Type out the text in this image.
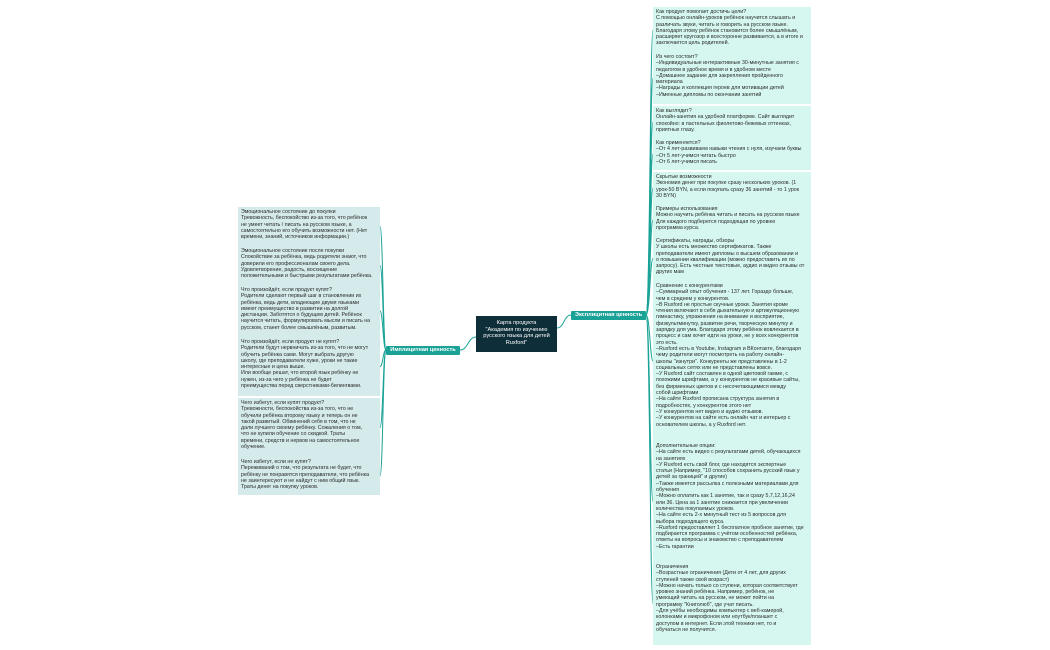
Карта продукта
"Академия по изучению
русского языка для детей
Ruxford"
Имплицитная ценность
Эксплицитная ценность
Эмоциональное состояние до покупки
Тревожность, беспокойство из-за того, что ребёнок
не умеет читать / писать на русском языке, а
самостоятельно его обучить возможности нет. (Нет
времени, знаний, источников информации.)
Эмоциональное состояние после покупки
Спокойствие за ребёнка, ведь родители знают, что
доверили его профессионалам своего дела.
Удовлетворение, радость, восхищение
положительными и быстрыми результатами ребёнка.
Что произойдёт, если продукт купят?
Родители сделают первый шаг в становлении их
ребёнка, ведь дети, владеющие двумя языками
имеют преимущество в развитии на долгой
дистанции. Заботятся о будущем детей. Ребёнок
научится читать, формулировать мысли и писать на
русском, станет более смышлёным, развитым.
Что произойдёт, если продукт не купят?
Родители будут нервничать из-за того, что не могут
обучить ребёнка сами. Могут выбрать другую
школу, где преподаватели хуже, уроки не такие
интересные и цена выше.
Или вообще решат, что второй язык ребёнку не
нужен, из-за чего у ребёнка не будет
преимущества перед сверстниками-билингвами.
Чего избегут, если купят продукт?
Тревожности, беспокойства из-за того, что не
обучили ребёнка второму языку и теперь он не
такой развитый. Обвинений себя в том, что не
дали лучшего своему ребёнку. Сожаления о том,
что не купили обучение со скидкой. Траты
времени, средств и нервов на самостоятельное
обучение.
Чего избегут, если не купят?
Переживаний о том, что результата не будет, что
ребёнку не понравятся преподаватели, что ребёнка
не заинтересуют и не найдут с ним общий язык.
Траты денег на покупку уроков.
Как продукт помогает достичь цели?
С помощью онлайн-уроков ребёнок научится слышать и
различать звуки, читать и говорить на русском языке.
Благодаря этому ребёнок становится более смышлёным,
расширяет кругозор и всесторонне развивается, а в итоге и
заключается цель родителей.
Из чего состоит?
–Индивидуальные интерактивные 30-минутные занятия с
педагогом в удобное время и в удобном месте
–Домашнее задание для закрепления пройденного
материала
–Награды и коллекция героев для мотивации детей
–Именные дипломы по окончании занятий
Как выглядит?
Онлайн-занятия на удобной платформе. Сайт выглядит
спокойно: в пастельных фиолетово-бежевых оттенках,
приятных глазу.
Как применяется?
–От 4 лет-развиваем навыки чтения с нуля, изучаем буквы
–От 5 лет-учимся читать быстро
–От 6 лет-учимся писать
Скрытые возможности
Экономия денег при покупке сразу нескольких уроков. (1
урок-50 BYN, а если покупать сразу 36 занятий - то 1 урок
30 BYN)
Примеры использования
Можно научить ребёнка читать и писать на русском языке
Для каждого подберется подходящая по уровню
программа курса.
Сертификаты, награды, обзоры
У школы есть множество сертификатов. Также
преподаватели имеют дипломы о высшем образовании и
о повышении квалификации (можно предоставить их по
запросу). Есть честные текстовые, аудио и видео отзывы от
других мам
Сравнение с конкурентами
–Суммарный опыт обучения - 137 лет. Гораздо больше,
чем в среднем у конкурентов.
–В Ruxford не простые скучные уроки. Занятия кроме
чтения включают в себя дыхательную и артикуляционную
гимнастику, упражнения на внимание и восприятие,
физкультминутку, развитие речи, творческую минутку и
зарядку для ума. Благодаря этому ребёнок вовлекается в
процесс и сам хочет идти на уроки, не у всех конкурентов
это есть.
–Ruxford есть в Youtube, Instagram и ВКонтакте, благодаря
чему родители могут посмотреть на работу онлайн-
школы "изнутри". Конкуренты же представлены в 1-2
социальных сетях или не представлены вовсе.
–У Ruxford сайт составлен в одной цветовой гамме, с
похожими шрифтами, а у конкурентов не красивые сайты,
без фирменных цветов и с несочетающимися между
собой шрифтами
–На сайте Ruxford прописана структура занятия в
подробностях, у конкурентов этого нет
–У конкурентов нет видео и аудио отзывов.
–У конкурентов на сайте есть онлайн чат и интерьер с
основателем школы, а у Ruxford нет.
Дополнительные опции:
–На сайте есть видео с результатами детей, обучающихся
на занятиях
–У Ruxford есть свой блог, где находятся экспертные
статьи (Например, "10 способов сохранить русский язык у
детей за границей" и другие)
–Также имеется рассылка с полезными материалами для
обучения
–Можно оплатить как 1 занятие, так и сразу 5,7,12,16,24
или 36. Цена за 1 занятие снижается при увеличении
количества покупаемых уроков.
–На сайте есть 2-х минутный тест из 5 вопросов для
выбора подходящего курса.
–Ruxford предоставляет 1 бесплатное пробное занятие, где
подбирается программа с учётом особенностей ребёнка,
ответы на вопросы и знакомство с преподавателем
–Есть гарантии
Ограничения
–Возрастные ограничения (Дети от 4 лет, для других
ступеней также свой возраст)
–Можно начать только со ступени, которая соответствует
уровню знаний ребёнка. Например, ребёнок, не
умеющий читать на русском, не может пойти на
программу "Книголюб", где учат писать.
–Для учёбы необходимы компьютер с веб-камерой,
колонками и микрофоном или ноутбук/планшет с
доступом в интернет. Если этой техники нет, то и
обучаться не получится.
